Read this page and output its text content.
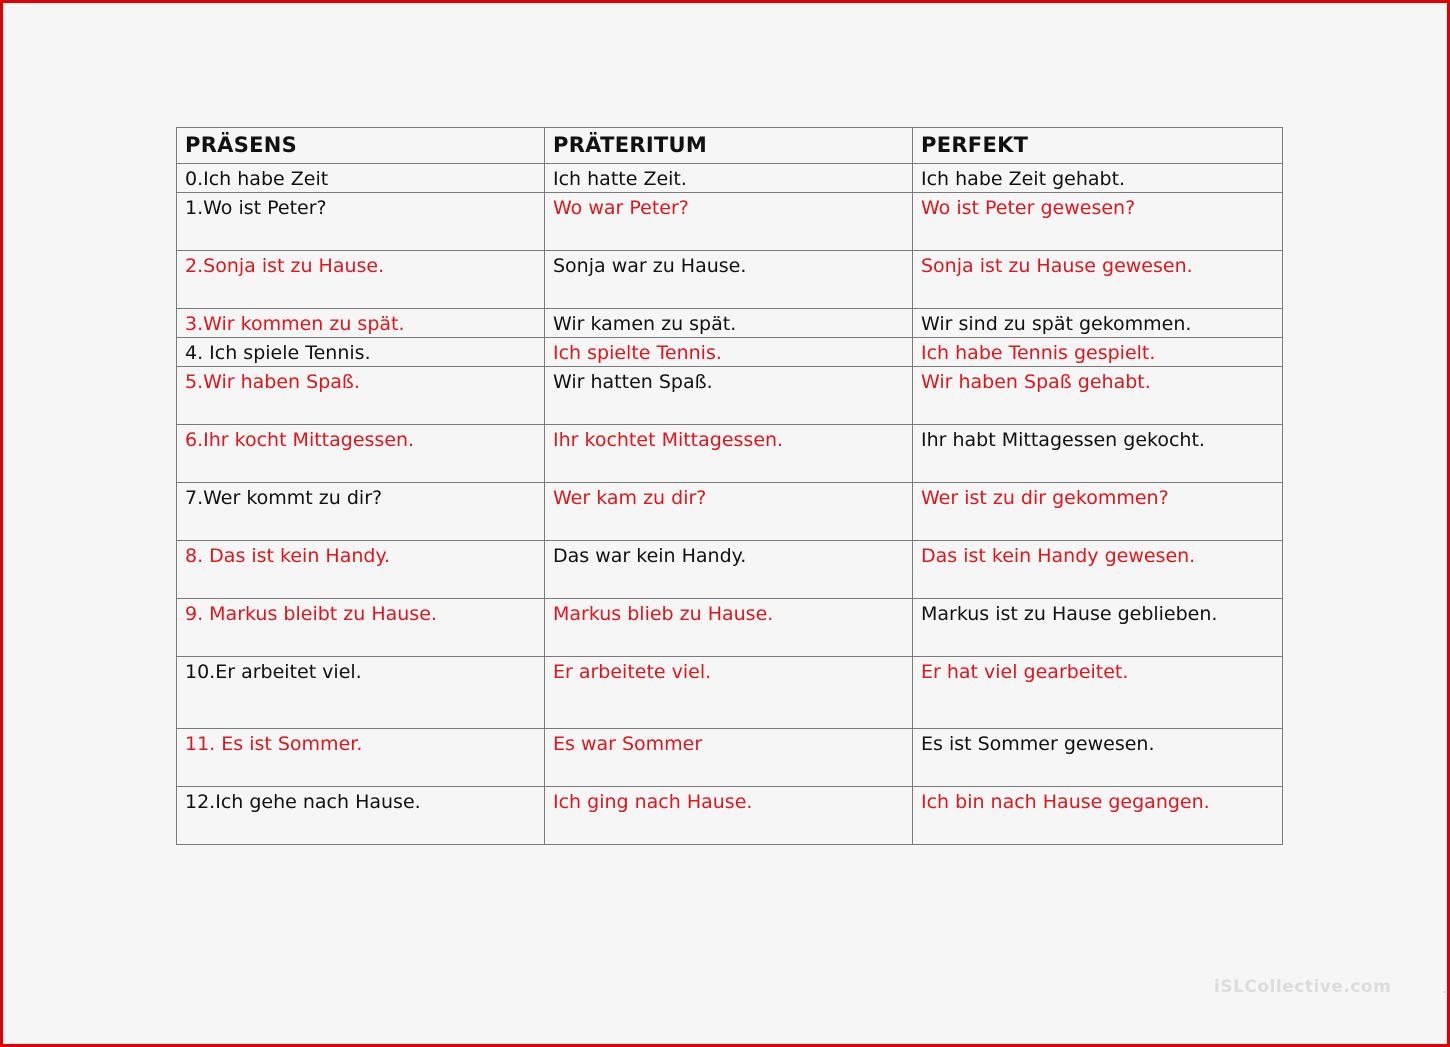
PRÄSENS	PRÄTERITUM	PERFEKT
0.Ich habe Zeit	Ich hatte Zeit.	Ich habe Zeit gehabt.
1.Wo ist Peter?	Wo war Peter?	Wo ist Peter gewesen?
2.Sonja ist zu Hause.	Sonja war zu Hause.	Sonja ist zu Hause gewesen.
3.Wir kommen zu spät.	Wir kamen zu spät.	Wir sind zu spät gekommen.
4. Ich spiele Tennis.	Ich spielte Tennis.	Ich habe Tennis gespielt.
5.Wir haben Spaß.	Wir hatten Spaß.	Wir haben Spaß gehabt.
6.Ihr kocht Mittagessen.	Ihr kochtet Mittagessen.	Ihr habt Mittagessen gekocht.
7.Wer kommt zu dir?	Wer kam zu dir?	Wer ist zu dir gekommen?
8. Das ist kein Handy.	Das war kein Handy.	Das ist kein Handy gewesen.
9. Markus bleibt zu Hause.	Markus blieb zu Hause.	Markus ist zu Hause geblieben.
10.Er arbeitet viel.	Er arbeitete viel.	Er hat viel gearbeitet.
11. Es ist Sommer.	Es war Sommer	Es ist Sommer gewesen.
12.Ich gehe nach Hause.	Ich ging nach Hause.	Ich bin nach Hause gegangen.
iSLCollective.com	.
